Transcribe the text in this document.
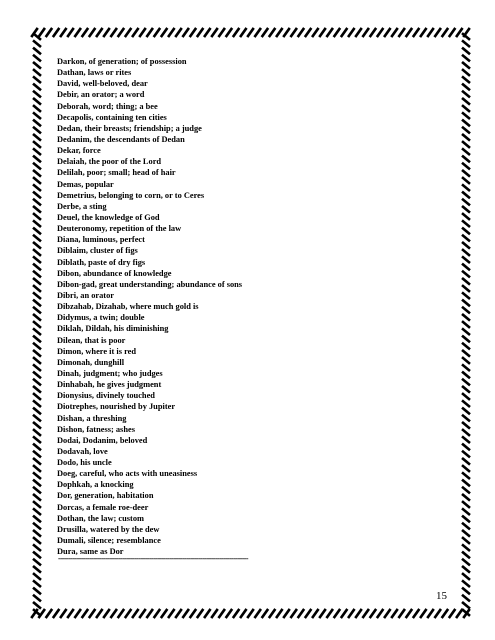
Darkon, of generation; of possession
Dathan, laws or rites
David, well-beloved, dear
Debir, an orator; a word
Deborah, word; thing; a bee
Decapolis, containing ten cities
Dedan, their breasts; friendship; a judge
Dedanim, the descendants of Dedan
Dekar, force
Delaiah, the poor of the Lord
Delilah, poor; small; head of hair
Demas, popular
Demetrius, belonging to corn, or to Ceres
Derbe, a sting
Deuel, the knowledge of God
Deuteronomy, repetition of the law
Diana, luminous, perfect
Diblaim, cluster of figs
Diblath, paste of dry figs
Dibon, abundance of knowledge
Dibon-gad, great understanding; abundance of sons
Dibri, an orator
Dibzahab, Dizahab, where much gold is
Didymus, a twin; double
Diklah, Dildah, his diminishing
Dilean, that is poor
Dimon, where it is red
Dimonah, dunghill
Dinah, judgment; who judges
Dinhabah, he gives judgment
Dionysius, divinely touched
Diotrephes, nourished by Jupiter
Dishan, a threshing
Dishon, fatness; ashes
Dodai, Dodanim, beloved
Dodavah, love
Dodo, his uncle
Doeg, careful, who acts with uneasiness
Dophkah, a knocking
Dor, generation, habitation
Dorcas, a female roe-deer
Dothan, the law; custom
Drusilla, watered by the dew
Dumali, silence; resemblance
Dura, same as Dor
--------------------------------------------------------------------------------------------
15
